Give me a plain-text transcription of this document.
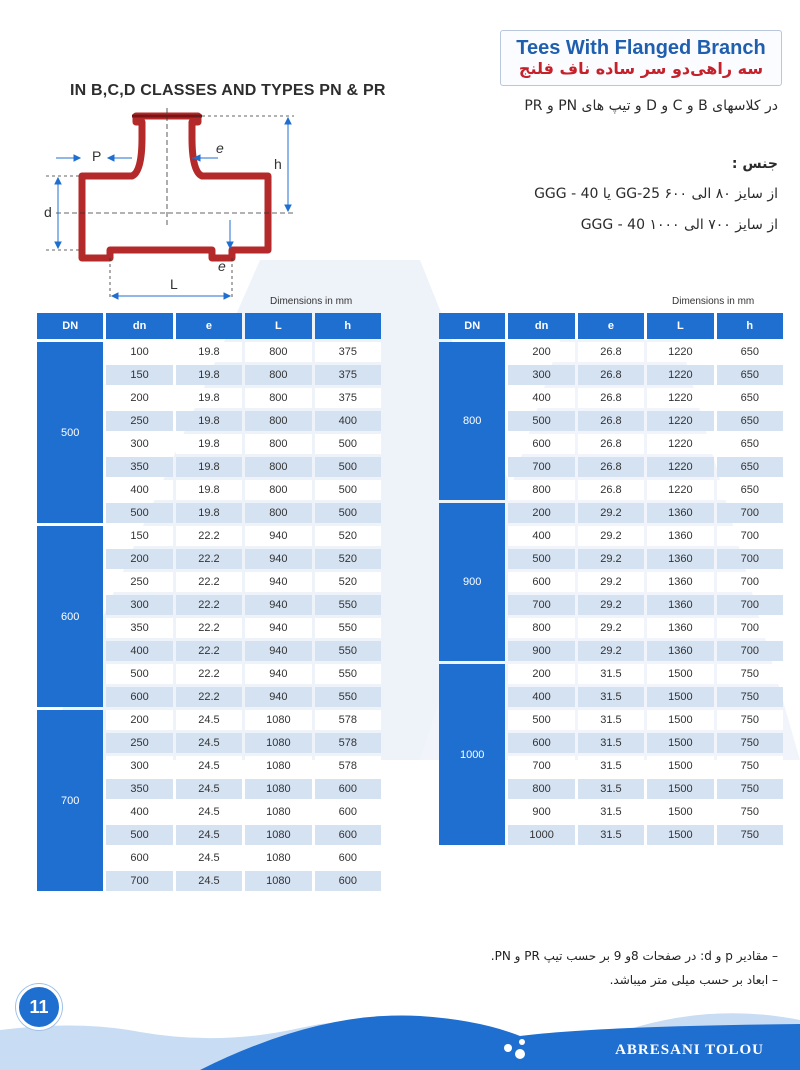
Tees With Flanged Branch
سه راهی‌دو سر ساده ناف فلنج
IN B,C,D CLASSES AND TYPES PN & PR
در کلاسهای B و C و D و تیپ های PN و PR
جنس :
از سایز ۸۰ الی ۶۰۰ GG-25 یا GGG - 40
از سایز ۷۰۰ الی ۱۰۰۰ GGG - 40
P	e
h
d
e
L
Dimensions in mm	Dimensions in mm
DN	dn	e	L	h
500	100	19.8	800	375
	150	19.8	800	375
	200	19.8	800	375
	250	19.8	800	400
	300	19.8	800	500
	350	19.8	800	500
	400	19.8	800	500
	500	19.8	800	500
600	150	22.2	940	520
	200	22.2	940	520
	250	22.2	940	520
	300	22.2	940	550
	350	22.2	940	550
	400	22.2	940	550
	500	22.2	940	550
	600	22.2	940	550
700	200	24.5	1080	578
	250	24.5	1080	578
	300	24.5	1080	578
	350	24.5	1080	600
	400	24.5	1080	600
	500	24.5	1080	600
	600	24.5	1080	600
	700	24.5	1080	600
DN	dn	e	L	h
800	200	26.8	1220	650
	300	26.8	1220	650
	400	26.8	1220	650
	500	26.8	1220	650
	600	26.8	1220	650
	700	26.8	1220	650
	800	26.8	1220	650
900	200	29.2	1360	700
	400	29.2	1360	700
	500	29.2	1360	700
	600	29.2	1360	700
	700	29.2	1360	700
	800	29.2	1360	700
	900	29.2	1360	700
1000	200	31.5	1500	750
	400	31.5	1500	750
	500	31.5	1500	750
	600	31.5	1500	750
	700	31.5	1500	750
	800	31.5	1500	750
	900	31.5	1500	750
	1000	31.5	1500	750
– مقادیر p و d: در صفحات 8و 9 بر حسب تیپ PR و PN.
– ابعاد بر حسب میلی متر میباشد.
11
ABRESANI TOLOU
